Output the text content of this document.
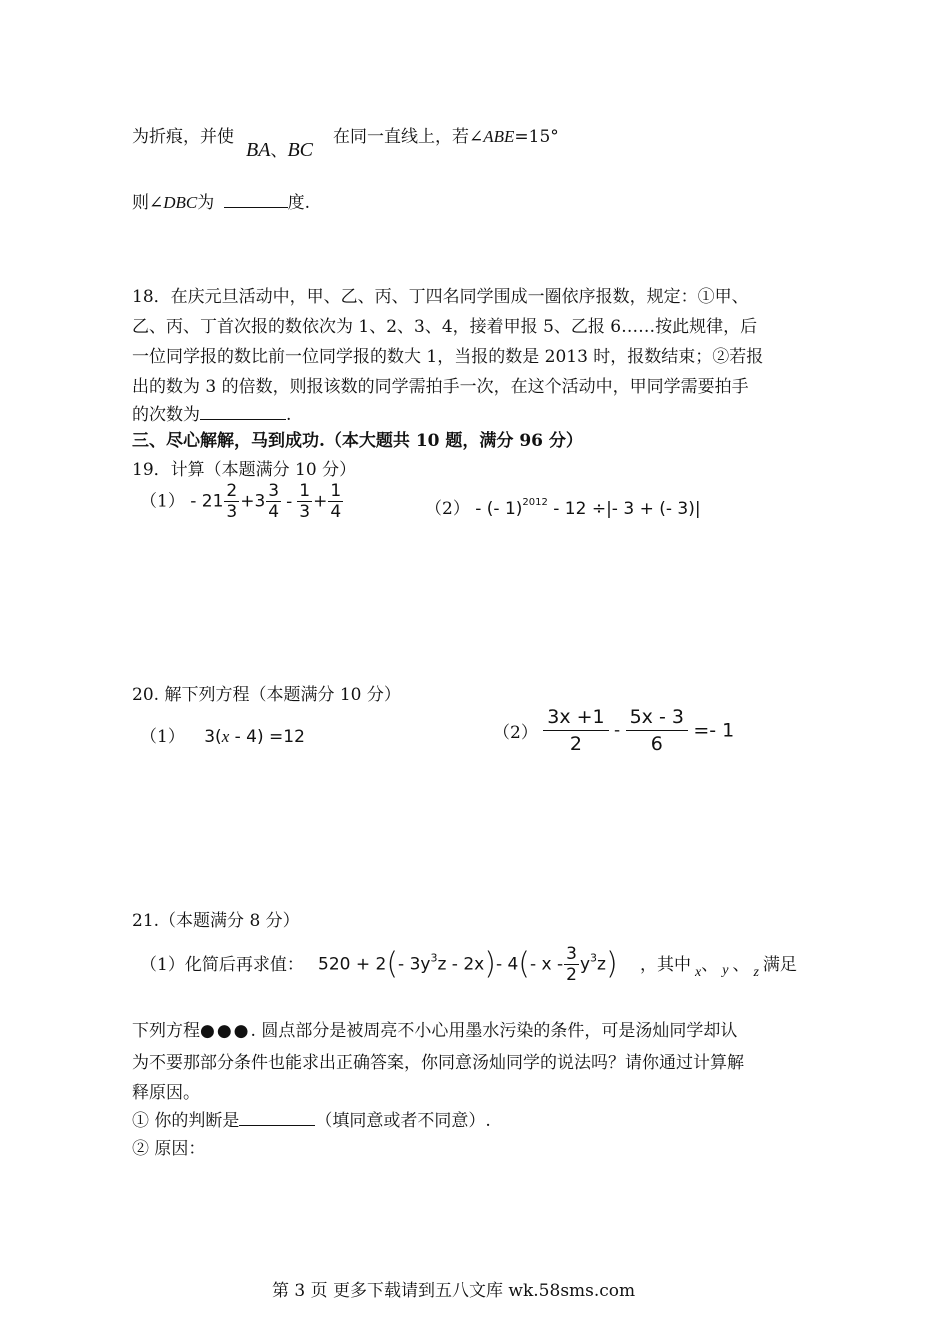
为折痕，并使
BA、BC
在同一直线上，若∠ABE=15°
则∠DBC为	度.
18．在庆元旦活动中，甲、乙、丙、丁四名同学围成一圈依序报数，规定：①甲、
乙、丙、丁首次报的数依次为 1、2、3、4，接着甲报 5、乙报 6……按此规律，后
一位同学报的数比前一位同学报的数大 1，当报的数是 2013 时，报数结束；②若报
出的数为 3 的倍数，则报该数的同学需拍手一次，在这个活动中，甲同学需要拍手
的次数为	.
三、尽心解解，马到成功.（本大题共 10 题，满分 96 分）
19．计算（本题满分 10 分）
$(1) - 21 \frac{2}{3} +3 \frac{3}{4} - \frac{1}{3} + \frac{1}{4}$	（2） - (- 1)$^{2012}$ - 12 ÷|- 3 + (- 3)|
20. 解下列方程（本题满分 10 分）
（1） 3(x - 4) =12	$(2) \frac{3x +1}{2} - \frac{5x - 3}{6} =- 1$
21.（本题满分 8 分）
（1）化简后再求值： 520 + 2(- $3y^3z - 2x)-$ 4(- x - $\frac{3}{2} y^3z$) ，其中 $_x$、 $_y$ 、 $_z$ 满足
下列方程●●●. 圆点部分是被周亮不小心用墨水污染的条件，可是汤灿同学却认
为不要那部分条件也能求出正确答案，你同意汤灿同学的说法吗？请你通过计算解
释原因。
① 你的判断是	（填同意或者不同意）.
② 原因：
第 3 页 更多下载请到五八文库 wk.58sms.com
